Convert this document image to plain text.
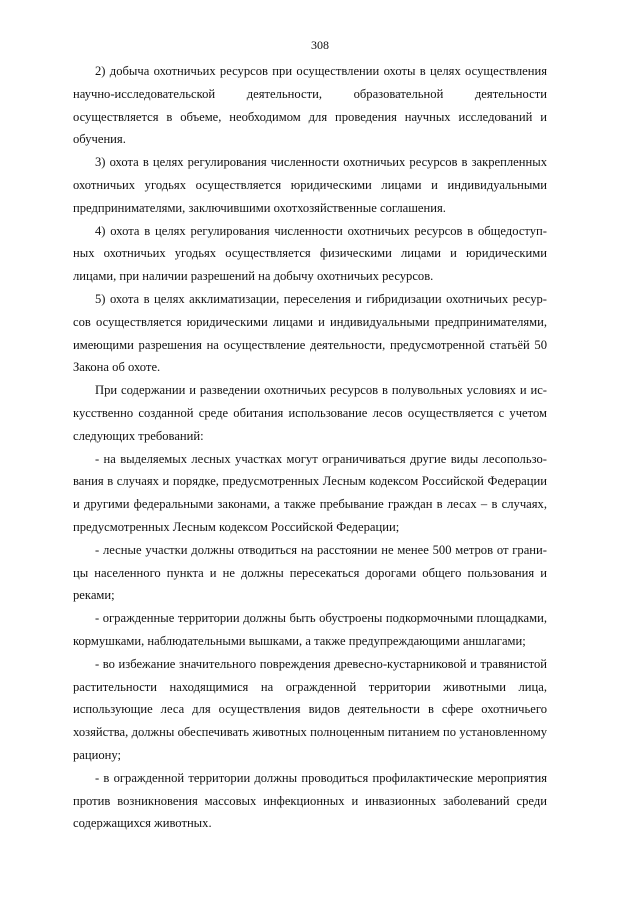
308

2) добыча охотничьих ресурсов при осуществлении охоты в целях осуществления научно-исследовательской деятельности, образовательной деятельности осуществляется в объеме, необходимом для проведения научных исследований и обучения.

3) охота в целях регулирования численности охотничьих ресурсов в закрепленных охотничьих угодьях осуществляется юридическими лицами и индивидуальными предпринимателями, заключившими охотхозяйственные соглашения.

4) охота в целях регулирования численности охотничьих ресурсов в общедоступных охотничьих угодьях осуществляется физическими лицами и юридическими лицами, при наличии разрешений на добычу охотничьих ресурсов.

5) охота в целях акклиматизации, переселения и гибридизации охотничьих ресурсов осуществляется юридическими лицами и индивидуальными предпринимателями, имеющими разрешения на осуществление деятельности, предусмотренной статьёй 50 Закона об охоте.

При содержании и разведении охотничьих ресурсов в полувольных условиях и искусственно созданной среде обитания использование лесов осуществляется с учетом следующих требований:

- на выделяемых лесных участках могут ограничиваться другие виды лесопользования в случаях и порядке, предусмотренных Лесным кодексом Российской Федерации и другими федеральными законами, а также пребывание граждан в лесах – в случаях, предусмотренных Лесным кодексом Российской Федерации;

- лесные участки должны отводиться на расстоянии не менее 500 метров от границы населенного пункта и не должны пересекаться дорогами общего пользования и реками;

- огражденные территории должны быть обустроены подкормочными площадками, кормушками, наблюдательными вышками, а также предупреждающими аншлагами;

- во избежание значительного повреждения древесно-кустарниковой и травянистой растительности находящимися на огражденной территории животными лица, использующие леса для осуществления видов деятельности в сфере охотничьего хозяйства, должны обеспечивать животных полноценным питанием по установленному рациону;

- в огражденной территории должны проводиться профилактические мероприятия против возникновения массовых инфекционных и инвазионных заболеваний среди содержащихся животных.
